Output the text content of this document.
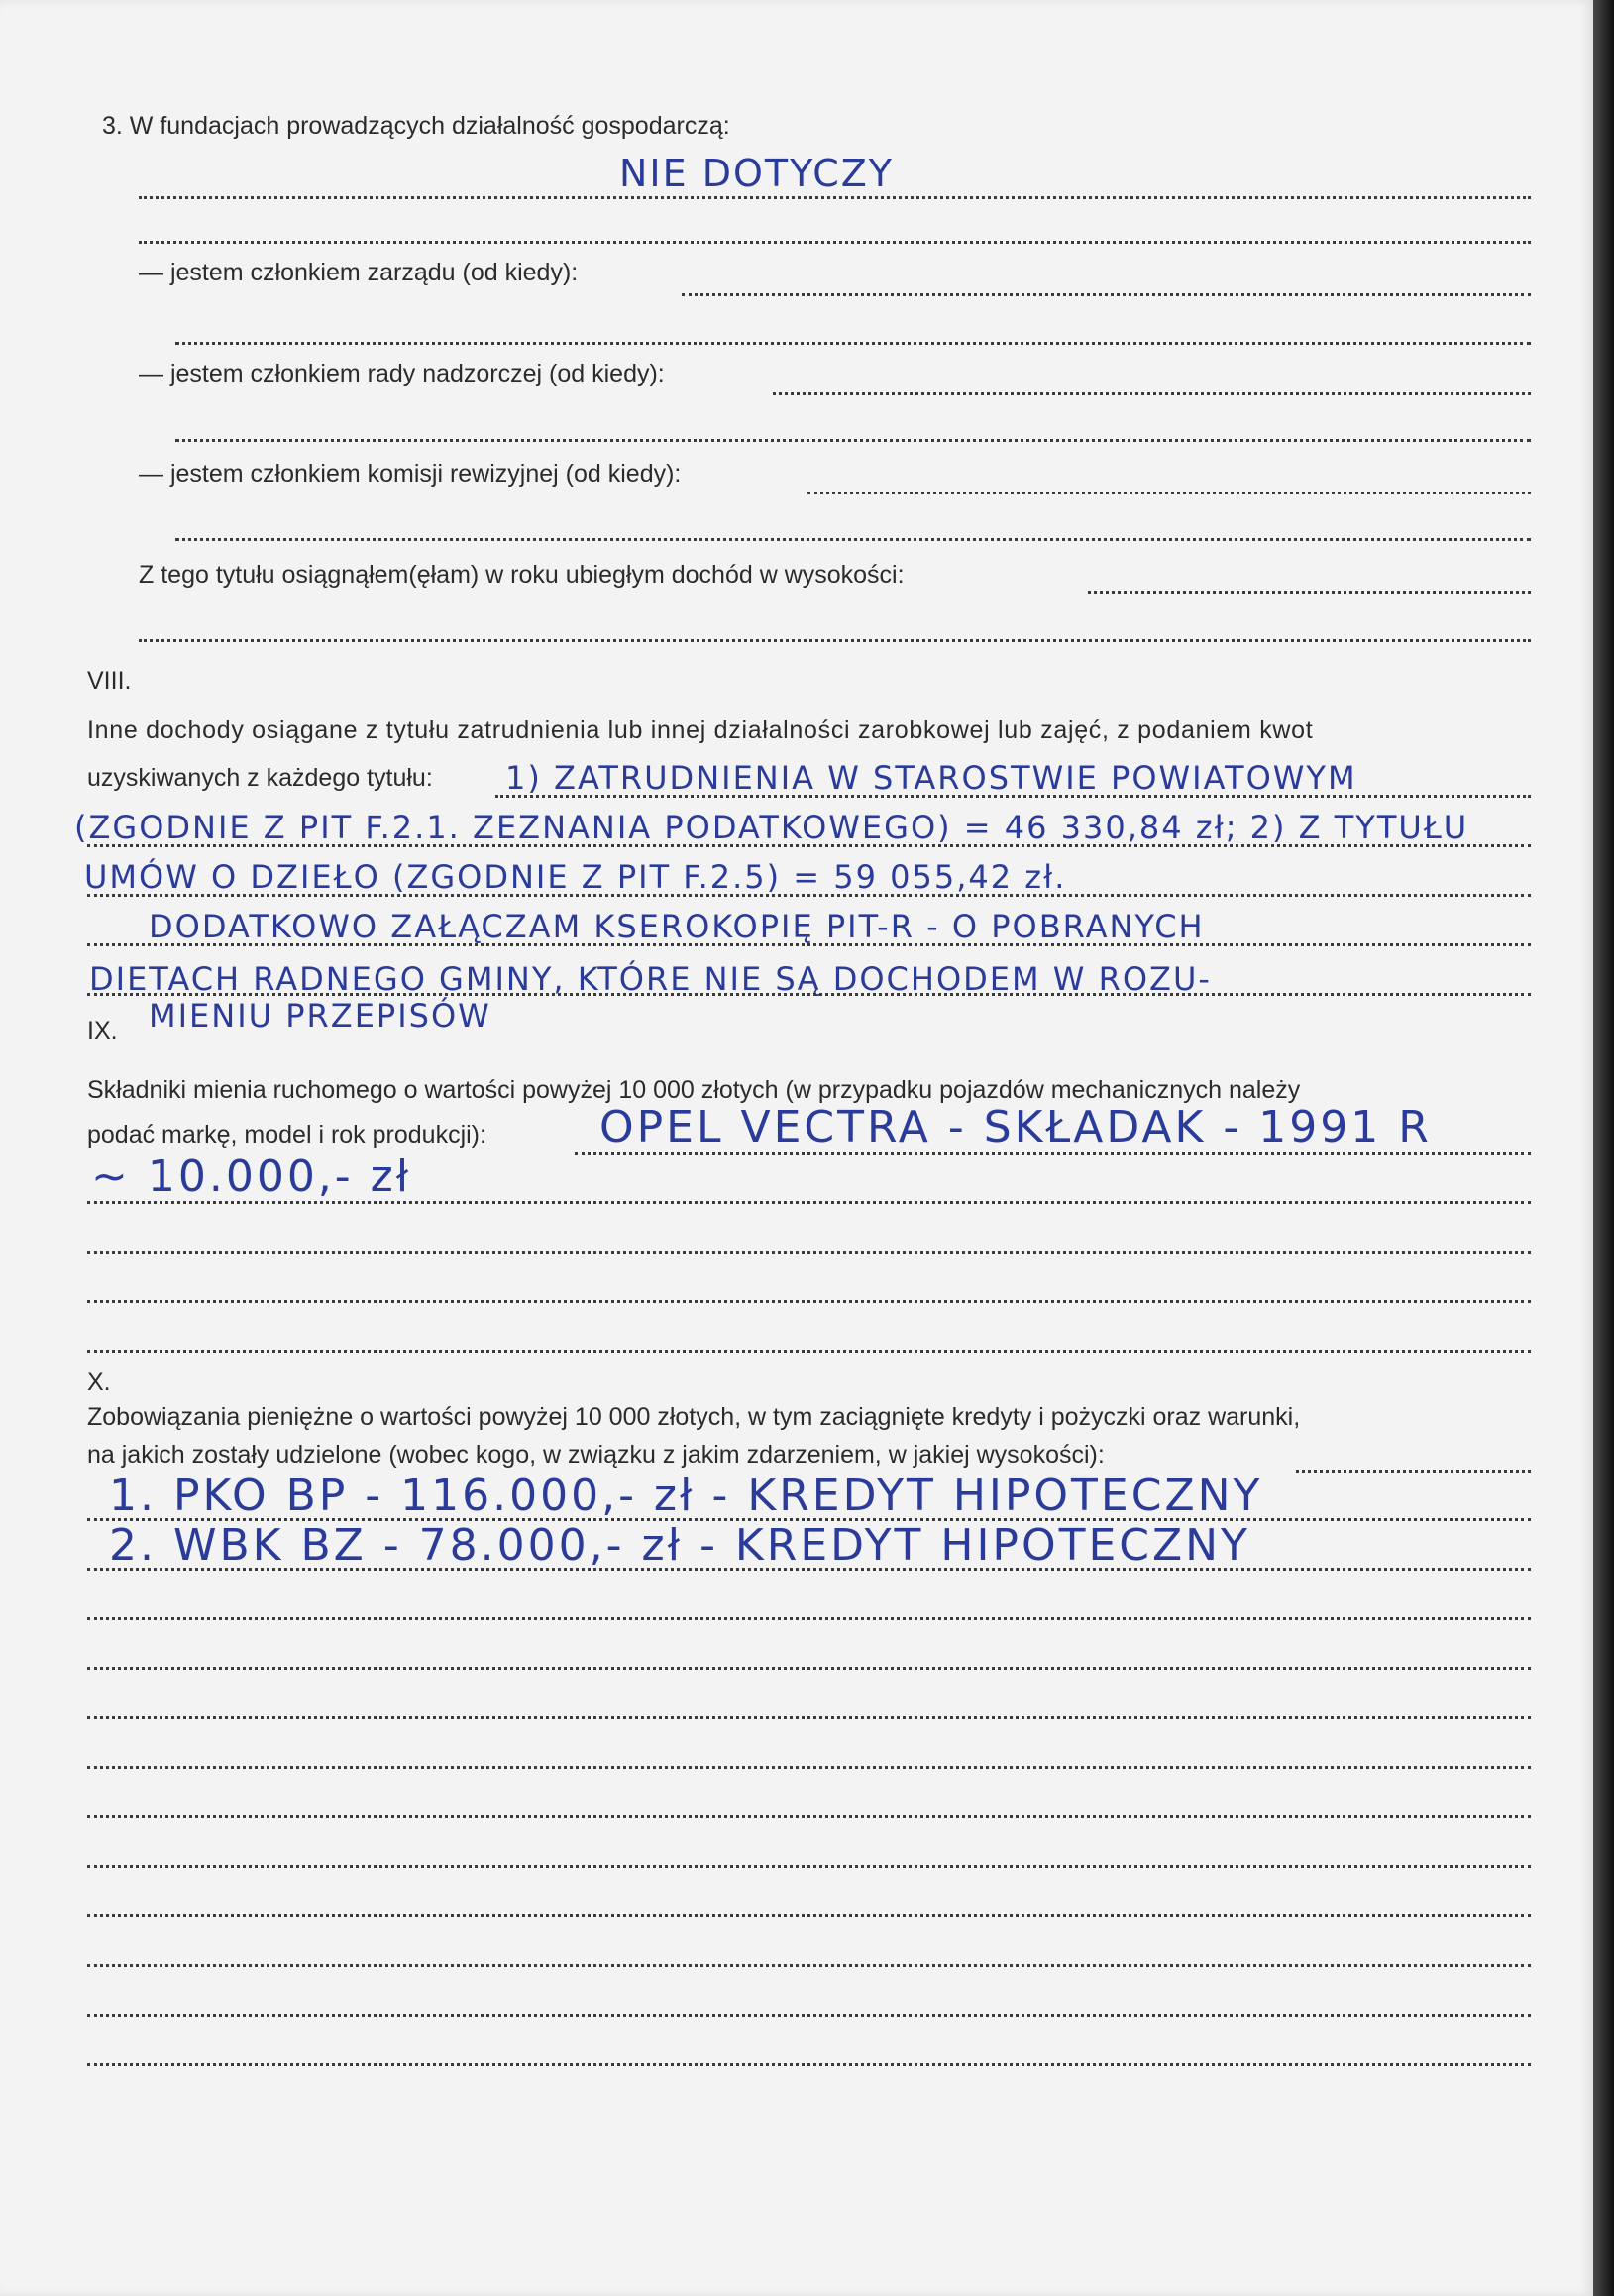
3. W fundacjach prowadzących działalność gospodarczą:
NIE DOTYCZY
— jestem członkiem zarządu (od kiedy):
— jestem członkiem rady nadzorczej (od kiedy):
— jestem członkiem komisji rewizyjnej (od kiedy):
Z tego tytułu osiągnąłem(ęłam) w roku ubiegłym dochód w wysokości:
VIII.
Inne dochody osiągane z tytułu zatrudnienia lub innej działalności zarobkowej lub zajęć, z podaniem kwot
uzyskiwanych z każdego tytułu: 1) ZATRUDNIENIA W STAROSTWIE POWIATOWYM
(ZGODNIE Z PIT F.2.1. ZEZNANIA PODATKOWEGO) = 46 330,84 zł; 2) Z TYTUŁU
UMÓW O DZIEŁO (ZGODNIE Z PIT F.2.5) = 59 055,42 zł.
DODATKOWO ZAŁĄCZAM KSEROKOPIĘ PIT-R - O POBRANYCH
DIETACH RADNEGO GMINY, KTÓRE NIE SĄ DOCHODEM W ROZU-
MIENIU PRZEPISÓW
IX.
Składniki mienia ruchomego o wartości powyżej 10 000 złotych (w przypadku pojazdów mechanicznych należy
podać markę, model i rok produkcji):	OPEL VECTRA - SKŁADAK - 1991 R
~ 10.000,- zł
X.
Zobowiązania pieniężne o wartości powyżej 10 000 złotych, w tym zaciągnięte kredyty i pożyczki oraz warunki,
na jakich zostały udzielone (wobec kogo, w związku z jakim zdarzeniem, w jakiej wysokości):
1. PKO BP - 116.000,- zł - KREDYT HIPOTECZNY
2. WBK BZ - 78.000,- zł - KREDYT HIPOTECZNY
